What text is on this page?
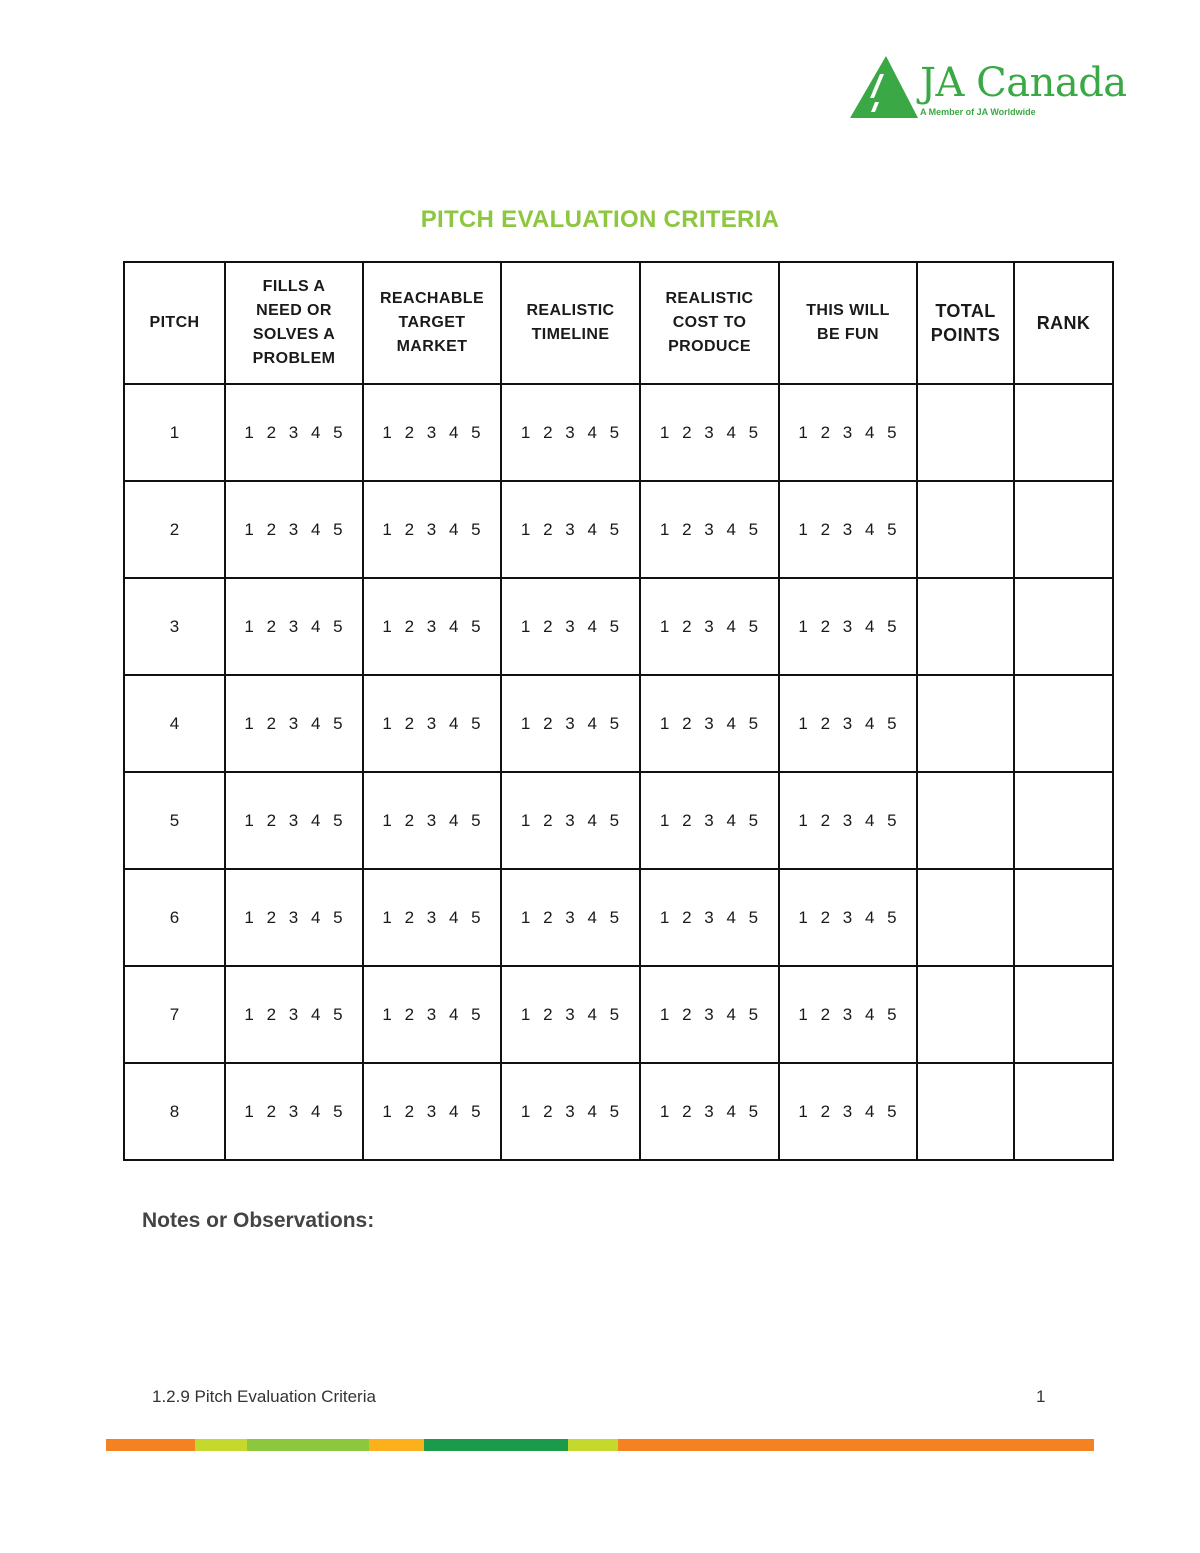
JA Canada
A Member of JA Worldwide
PITCH EVALUATION CRITERIA
PITCH	FILLS A
NEED OR
SOLVES A
PROBLEM	REACHABLE
TARGET
MARKET	REALISTIC
TIMELINE	REALISTIC
COST TO
PRODUCE	THIS WILL
BE FUN	TOTAL
POINTS	RANK
1	1 2 3 4 5	1 2 3 4 5	1 2 3 4 5	1 2 3 4 5	1 2 3 4 5		
2	1 2 3 4 5	1 2 3 4 5	1 2 3 4 5	1 2 3 4 5	1 2 3 4 5		
3	1 2 3 4 5	1 2 3 4 5	1 2 3 4 5	1 2 3 4 5	1 2 3 4 5		
4	1 2 3 4 5	1 2 3 4 5	1 2 3 4 5	1 2 3 4 5	1 2 3 4 5		
5	1 2 3 4 5	1 2 3 4 5	1 2 3 4 5	1 2 3 4 5	1 2 3 4 5		
6	1 2 3 4 5	1 2 3 4 5	1 2 3 4 5	1 2 3 4 5	1 2 3 4 5		
7	1 2 3 4 5	1 2 3 4 5	1 2 3 4 5	1 2 3 4 5	1 2 3 4 5		
8	1 2 3 4 5	1 2 3 4 5	1 2 3 4 5	1 2 3 4 5	1 2 3 4 5		
Notes or Observations:
1.2.9 Pitch Evaluation Criteria	1
